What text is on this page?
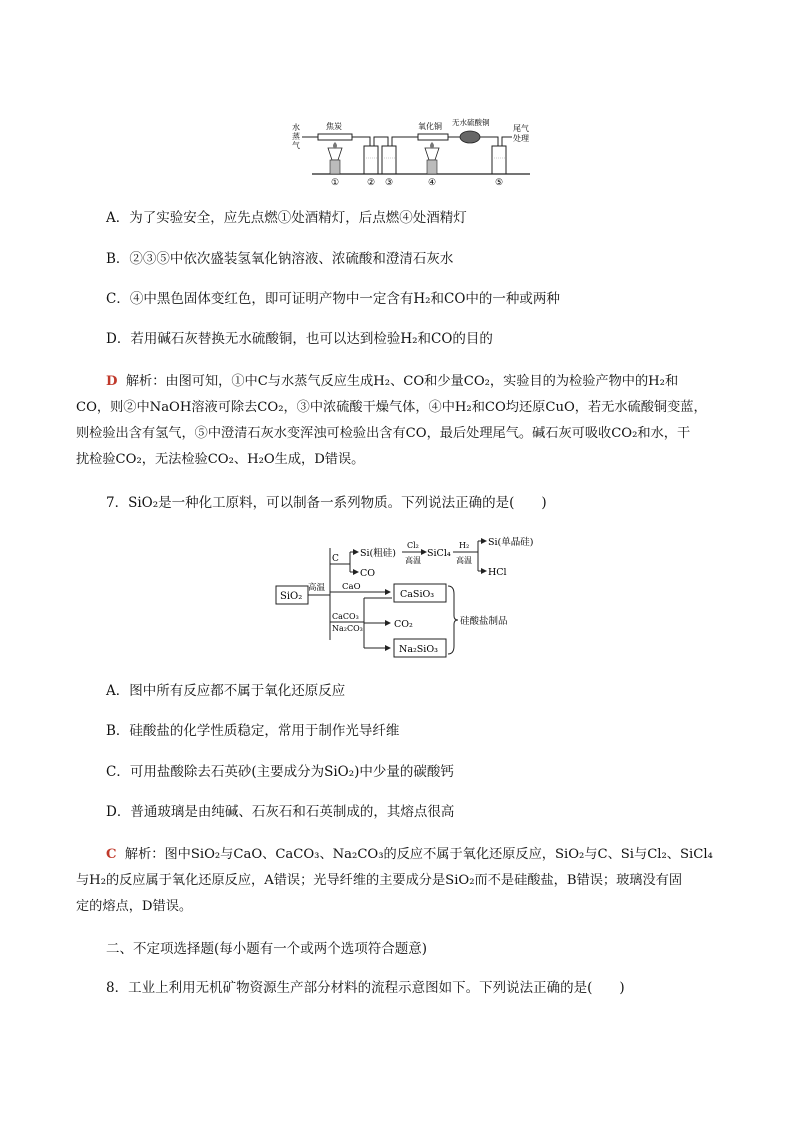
水
蒸
气
焦炭	氧化铜 无水硫酸铜
尾气
处理
①	② ③	④	⑤
A．为了实验安全，应先点燃①处酒精灯，后点燃④处酒精灯
B．②③⑤中依次盛装氢氧化钠溶液、浓硫酸和澄清石灰水
C．④中黑色固体变红色，即可证明产物中一定含有H₂和CO中的一种或两种
D．若用碱石灰替换无水硫酸铜，也可以达到检验H₂和CO的目的
D 解析：由图可知，①中C与水蒸气反应生成H₂、CO和少量CO₂，实验目的为检验产物中的H₂和
CO，则②中NaOH溶液可除去CO₂，③中浓硫酸干燥气体，④中H₂和CO均还原CuO，若无水硫酸铜变蓝，
则检验出含有氢气，⑤中澄清石灰水变浑浊可检验出含有CO，最后处理尾气。碱石灰可吸收CO₂和水，干
扰检验CO₂，无法检验CO₂、H₂O生成，D错误。
7．SiO₂是一种化工原料，可以制备一系列物质。下列说法正确的是(　　)
SiO₂
高温
C Si(粗硅)
CO
Cl₂
高温
SiCl₄
H₂
高温
Si(单晶硅)
HCl
CaO
CaSiO₃
CaCO₃
Na₂CO₃	CO₂
Na₂SiO₃
硅酸盐制品
A．图中所有反应都不属于氧化还原反应
B．硅酸盐的化学性质稳定，常用于制作光导纤维
C．可用盐酸除去石英砂(主要成分为SiO₂)中少量的碳酸钙
D．普通玻璃是由纯碱、石灰石和石英制成的，其熔点很高
C 解析：图中SiO₂与CaO、CaCO₃、Na₂CO₃的反应不属于氧化还原反应，SiO₂与C、Si与Cl₂、SiCl₄
与H₂的反应属于氧化还原反应，A错误；光导纤维的主要成分是SiO₂而不是硅酸盐，B错误；玻璃没有固
定的熔点，D错误。
二、不定项选择题(每小题有一个或两个选项符合题意)
8．工业上利用无机矿物资源生产部分材料的流程示意图如下。下列说法正确的是(　　)
